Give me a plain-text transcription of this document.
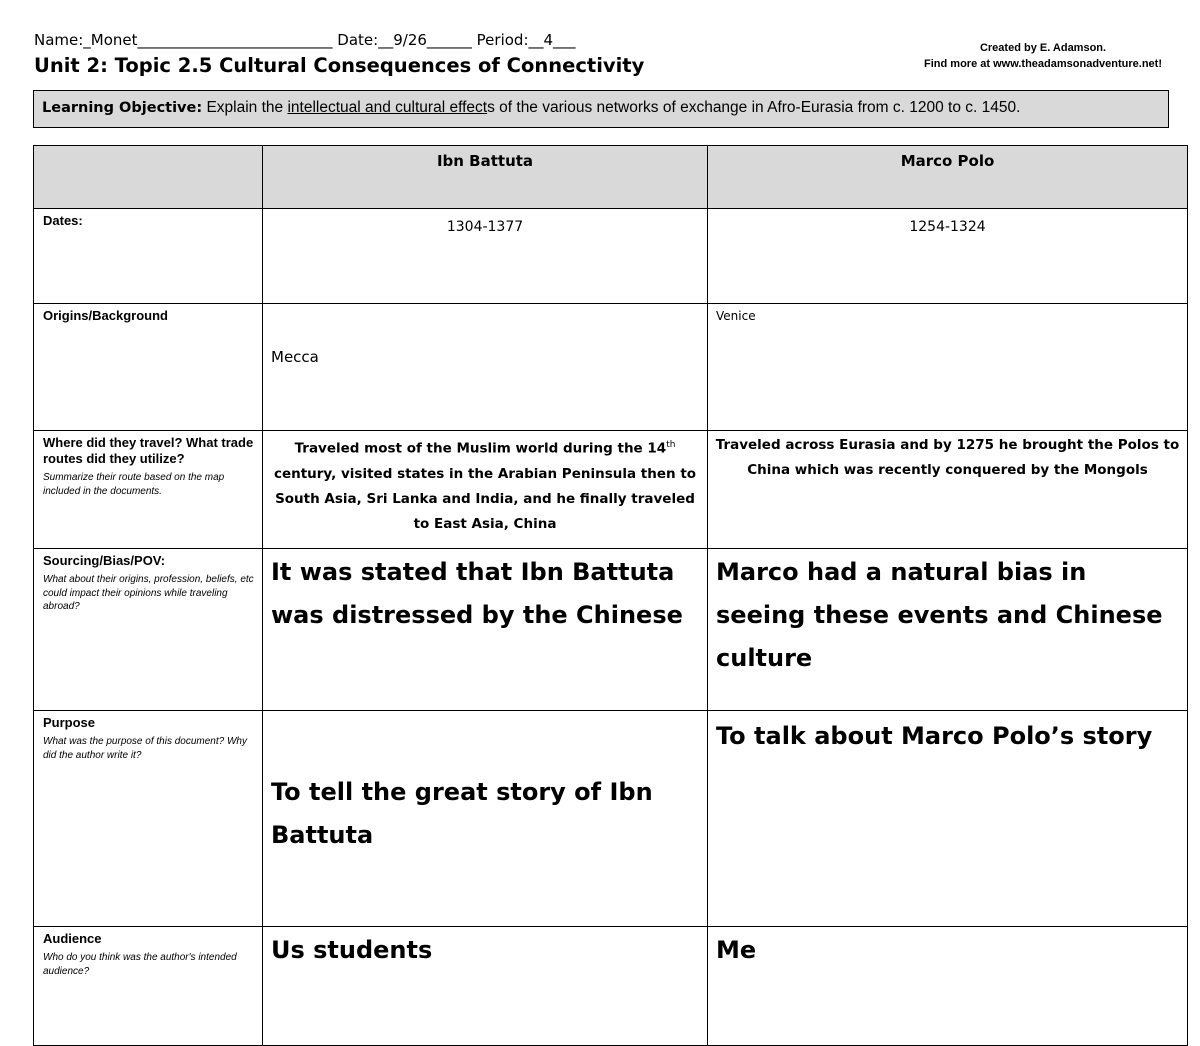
Name:_Monet__________________________ Date:__9/26______ Period:__4___
Unit 2: Topic 2.5 Cultural Consequences of Connectivity
Created by E. Adamson.
Find more at www.theadamsonadventure.net!
Learning Objective: Explain the intellectual and cultural effects of the various networks of exchange in Afro-Eurasia from c. 1200 to c. 1450.
	Ibn Battuta	Marco Polo
Dates:	1304-1377	1254-1324
Origins/Background	Mecca	Venice
Where did they travel? What trade routes did they utilize?
Summarize their route based on the map included in the documents.	Traveled most of the Muslim world during the 14th century, visited states in the Arabian Peninsula then to South Asia, Sri Lanka and India, and he finally traveled to East Asia, China	Traveled across Eurasia and by 1275 he brought the Polos to China which was recently conquered by the Mongols
Sourcing/Bias/POV:
What about their origins, profession, beliefs, etc could impact their opinions while traveling abroad?	It was stated that Ibn Battuta was distressed by the Chinese	Marco had a natural bias in seeing these events and Chinese culture
Purpose
What was the purpose of this document? Why did the author write it?	To tell the great story of Ibn Battuta	To talk about Marco Polo’s story
Audience
Who do you think was the author's intended audience?	Us students	Me
